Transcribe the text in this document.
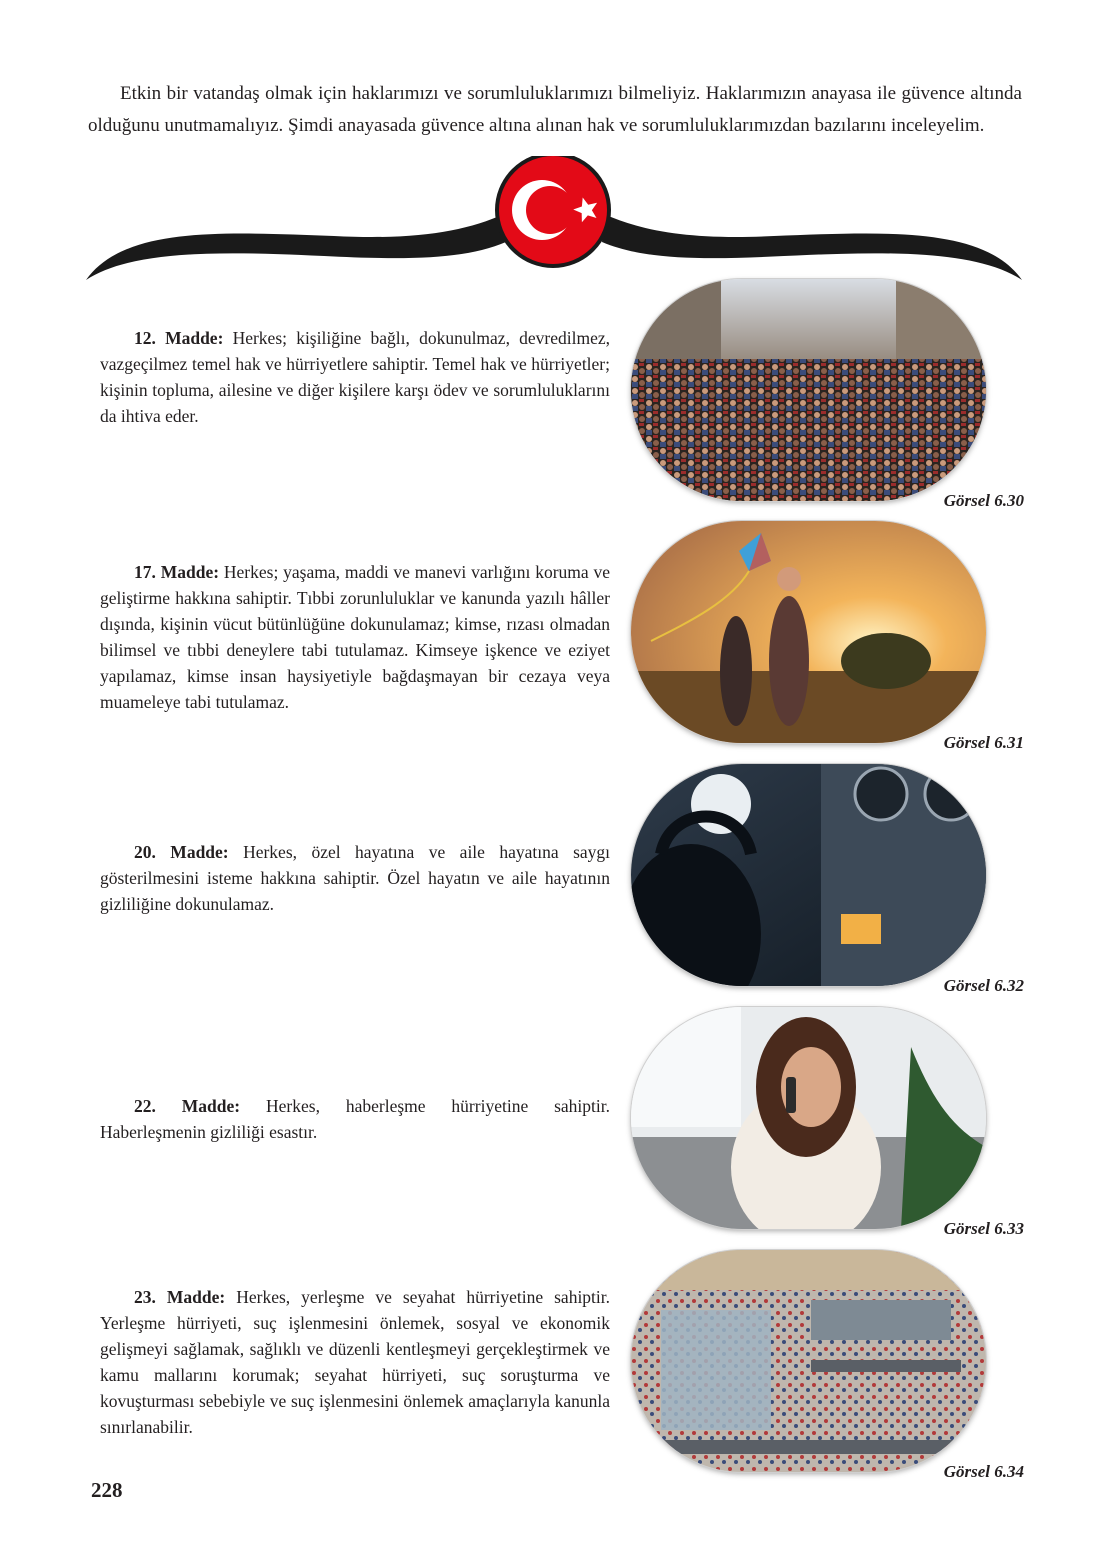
Etkin bir vatandaş olmak için haklarımızı ve sorumluluklarımızı bilmeliyiz. Haklarımızın anayasa ile güvence altında olduğunu unutmamalıyız. Şimdi anayasada güvence altına alınan hak ve sorumluluklarımızdan bazılarını inceleyelim.

12. Madde: Herkes; kişiliğine bağlı, dokunulmaz, devredilmez, vazgeçilmez temel hak ve hürriyetlere sahiptir. Temel hak ve hürriyetler; kişinin topluma, ailesine ve diğer kişilere karşı ödev ve sorumluluklarını da ihtiva eder.

Görsel 6.30

17. Madde: Herkes; yaşama, maddi ve manevi varlığını koruma ve geliştirme hakkına sahiptir. Tıbbi zorunluluklar ve kanunda yazılı hâller dışında, kişinin vücut bütünlüğüne dokunulamaz; kimse, rızası olmadan bilimsel ve tıbbi deneylere tabi tutulamaz. Kimseye işkence ve eziyet yapılamaz, kimse insan haysiyetiyle bağdaşmayan bir cezaya veya muameleye tabi tutulamaz.

Görsel 6.31

20. Madde: Herkes, özel hayatına ve aile hayatına saygı gösterilmesini isteme hakkına sahiptir. Özel hayatın ve aile hayatının gizliliğine dokunulamaz.

Görsel 6.32

22. Madde: Herkes, haberleşme hürriyetine sahiptir. Haberleşmenin gizliliği esastır.

Görsel 6.33

23. Madde: Herkes, yerleşme ve seyahat hürriyetine sahiptir. Yerleşme hürriyeti, suç işlenmesini önlemek, sosyal ve ekonomik gelişmeyi sağlamak, sağlıklı ve düzenli kentleşmeyi gerçekleştirmek ve kamu mallarını korumak; seyahat hürriyeti, suç soruşturma ve kovuşturması sebebiyle ve suç işlenmesini önlemek amaçlarıyla kanunla sınırlanabilir.

Görsel 6.34
228
